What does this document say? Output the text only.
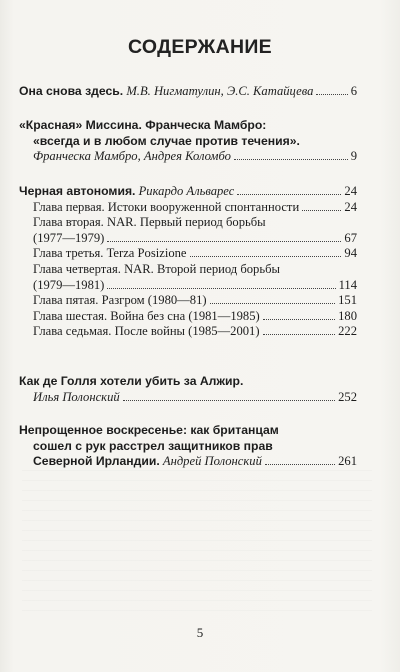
СОДЕРЖАНИЕ
Она снова здесь. М.В. Нигматулин, Э.С. Катайцева	6
«Красная» Миссина. Франческа Мамбро:
«всегда и в любом случае против течения».
Франческа Мамбро, Андрея Коломбо	9
Черная автономия. Рикардо Альварес	24
Глава первая. Истоки вооруженной спонтанности	24
Глава вторая. NAR. Первый период борьбы
(1977—1979)	67
Глава третья. Terza Posizione	94
Глава четвертая. NAR. Второй период борьбы
(1979—1981)	114
Глава пятая. Разгром (1980—81)	151
Глава шестая. Война без сна (1981—1985)	180
Глава седьмая. После войны (1985—2001)	222
Как де Голля хотели убить за Алжир.
Илья Полонский	252
Непрощенное воскресенье: как британцам
сошел с рук расстрел защитников прав
Северной Ирландии. Андрей Полонский	261
5
